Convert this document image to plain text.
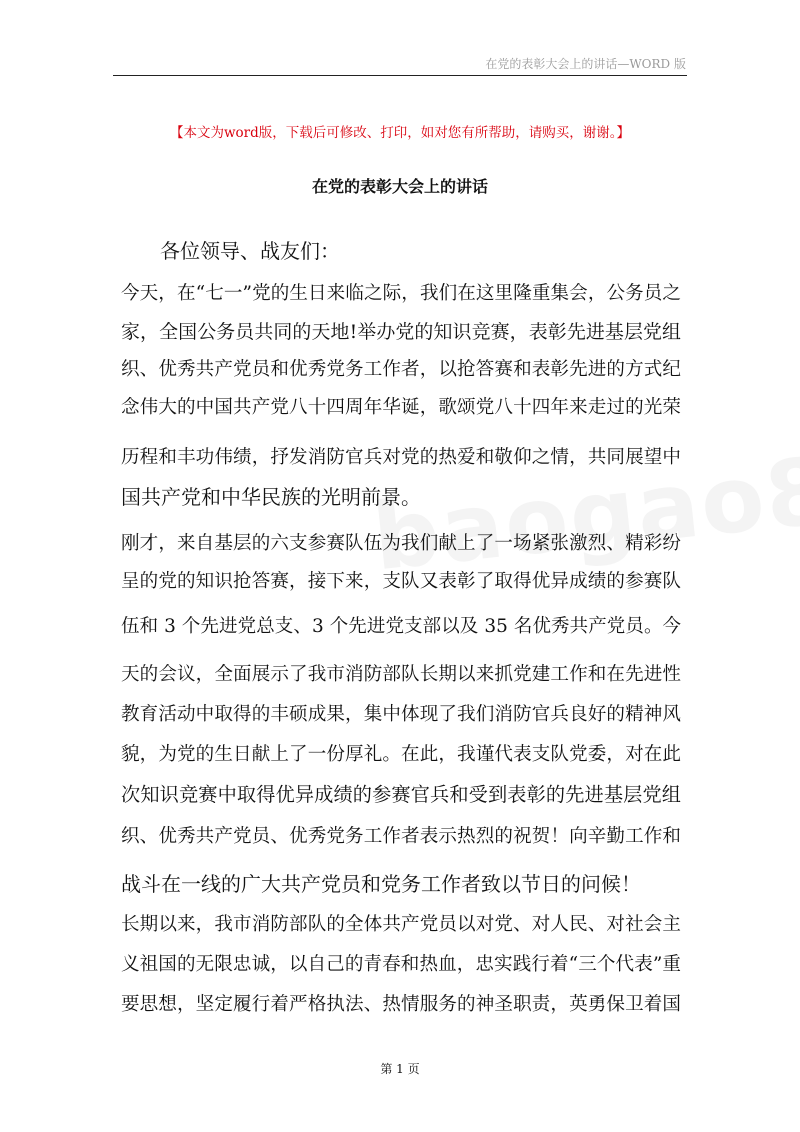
在党的表彰大会上的讲话—WORD 版
【本文为word版，下载后可修改、打印，如对您有所帮助，请购买，谢谢。】
在党的表彰大会上的讲话
各位领导、战友们：
今天，在“七一”党的生日来临之际，我们在这里隆重集会，公务员之
家，全国公务员共同的天地!举办党的知识竞赛，表彰先进基层党组
织、优秀共产党员和优秀党务工作者，以抢答赛和表彰先进的方式纪
念伟大的中国共产党八十四周年华诞，歌颂党八十四年来走过的光荣
历程和丰功伟绩，抒发消防官兵对党的热爱和敬仰之情，共同展望中
国共产党和中华民族的光明前景。
刚才，来自基层的六支参赛队伍为我们献上了一场紧张激烈、精彩纷
呈的党的知识抢答赛，接下来，支队又表彰了取得优异成绩的参赛队
伍和 3 个先进党总支、3 个先进党支部以及 35 名优秀共产党员。今
天的会议，全面展示了我市消防部队长期以来抓党建工作和在先进性
教育活动中取得的丰硕成果，集中体现了我们消防官兵良好的精神风
貌，为党的生日献上了一份厚礼。在此，我谨代表支队党委，对在此
次知识竞赛中取得优异成绩的参赛官兵和受到表彰的先进基层党组
织、优秀共产党员、优秀党务工作者表示热烈的祝贺！向辛勤工作和
战斗在一线的广大共产党员和党务工作者致以节日的问候！
长期以来，我市消防部队的全体共产党员以对党、对人民、对社会主
义祖国的无限忠诚，以自己的青春和热血，忠实践行着“三个代表”重
要思想，坚定履行着严格执法、热情服务的神圣职责，英勇保卫着国
第 1 页
